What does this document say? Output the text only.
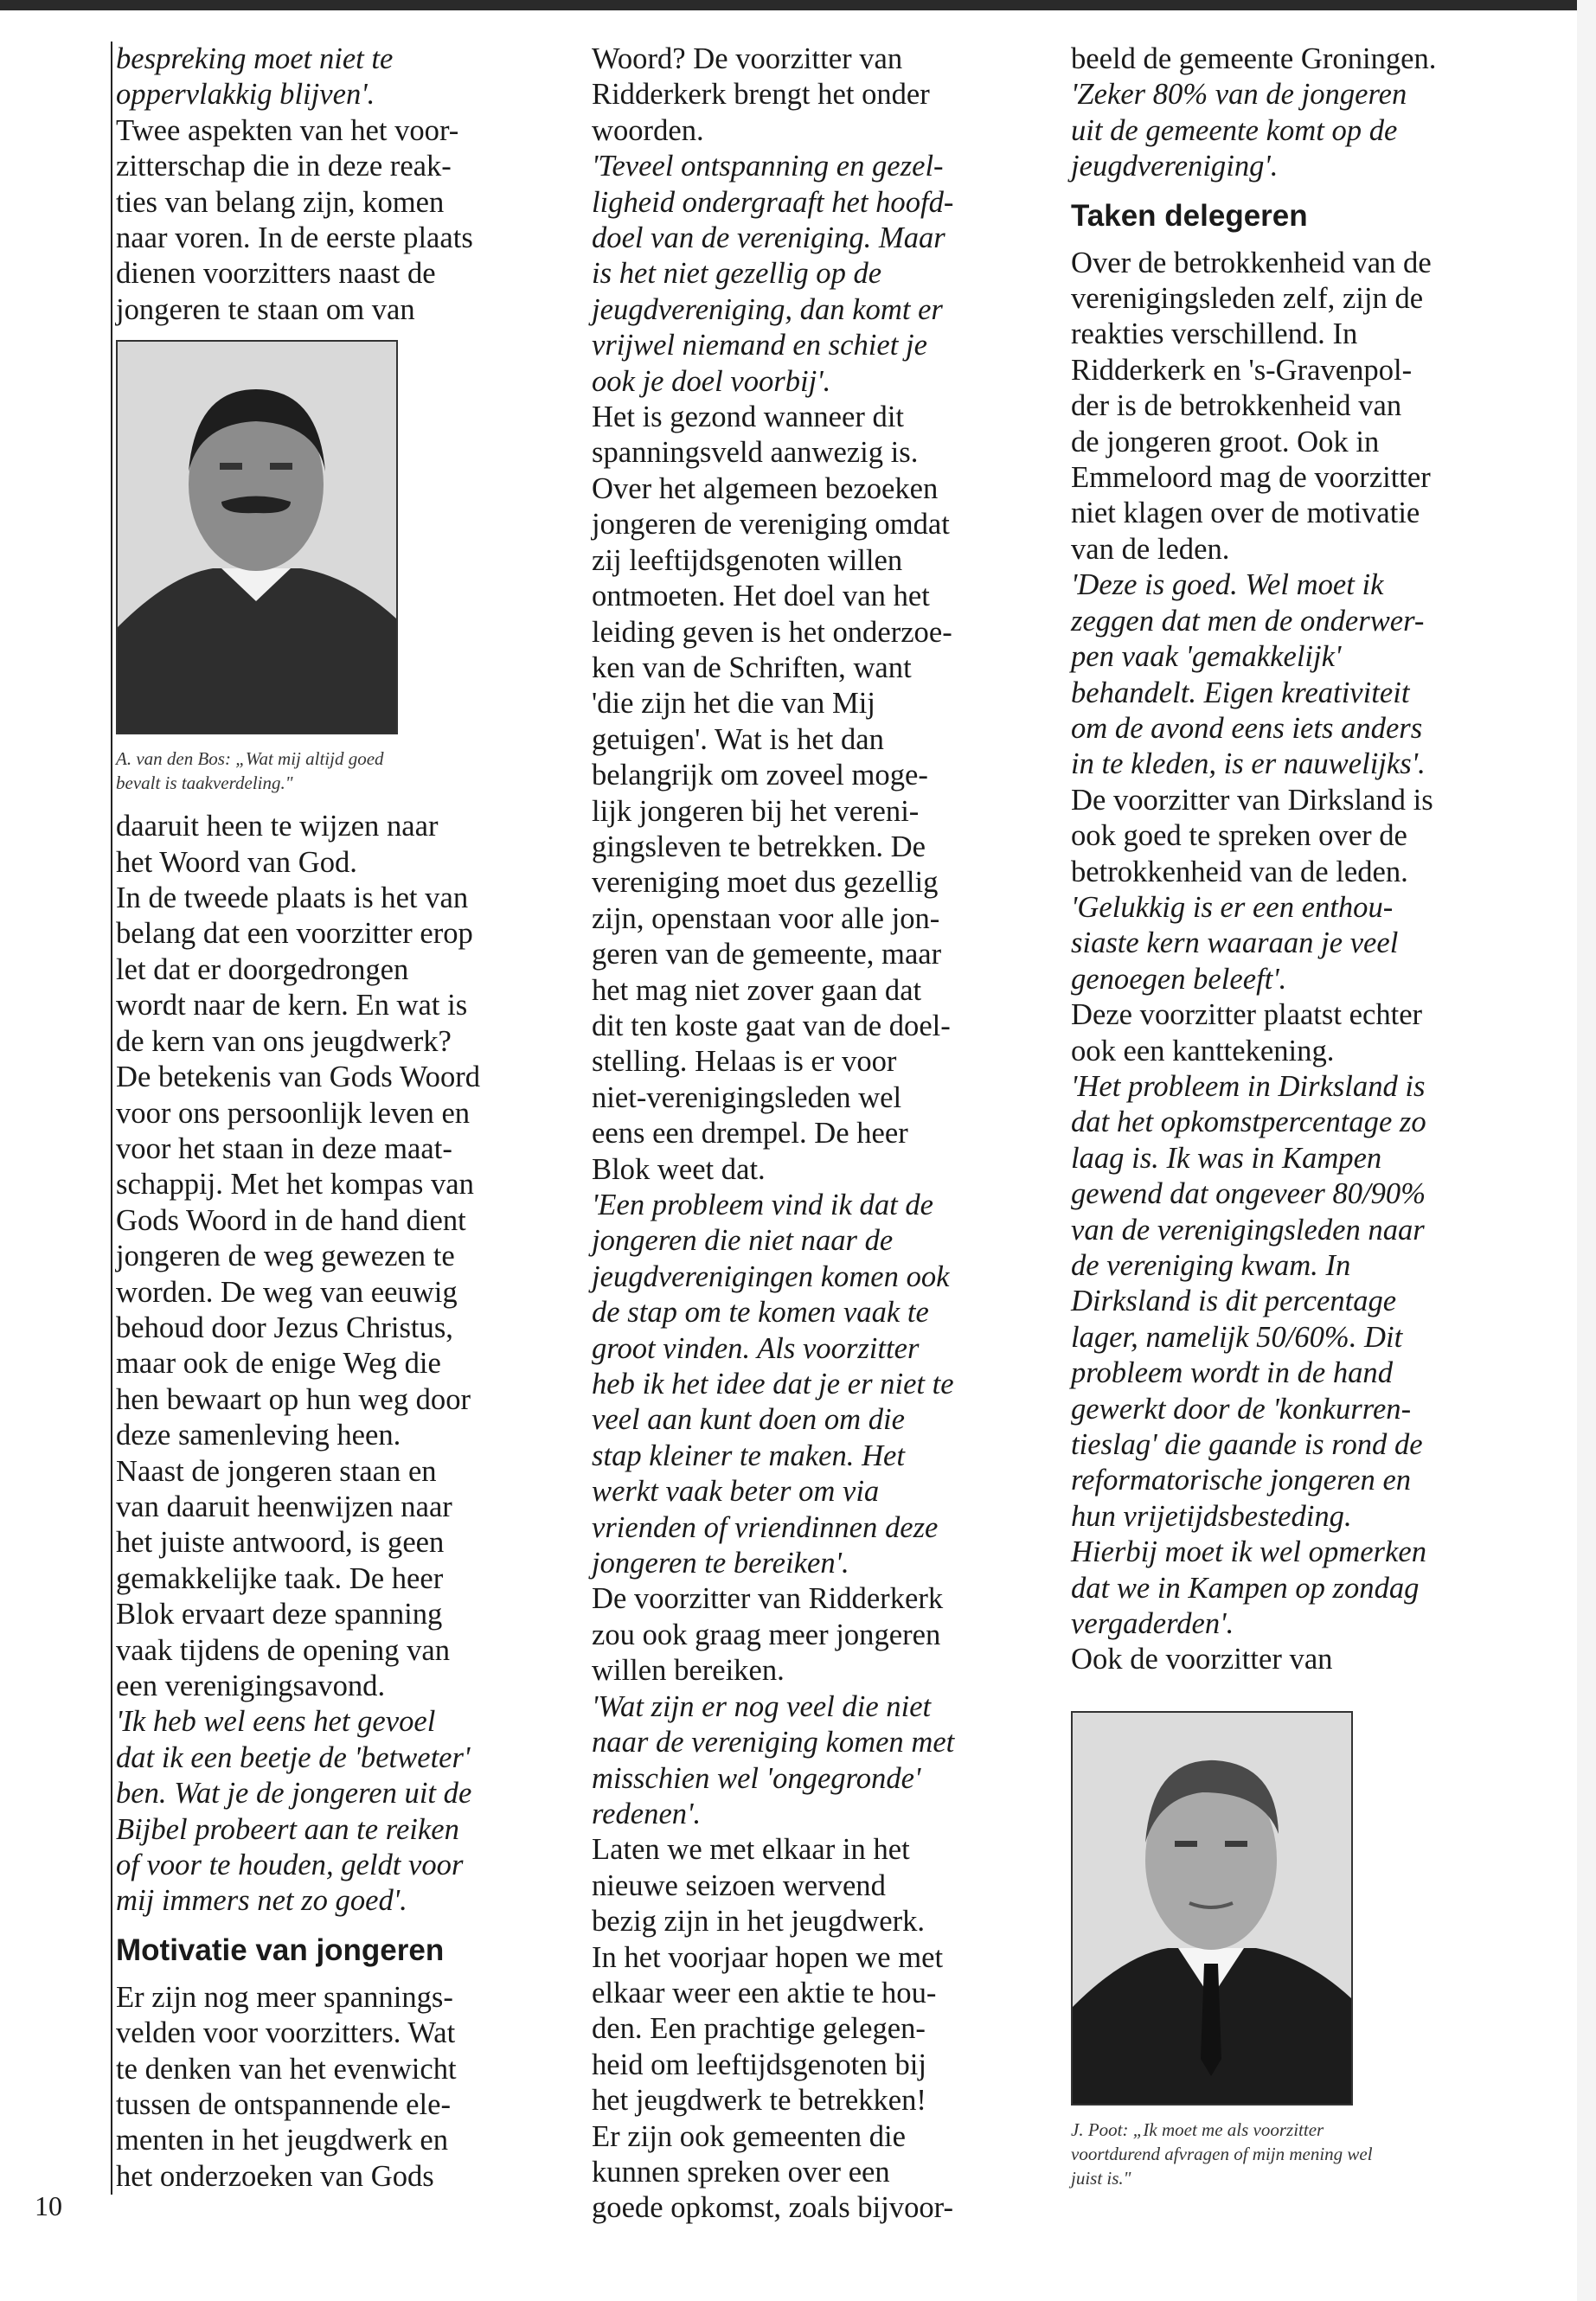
bespreking moet niet te
oppervlakkig blijven'.

Twee aspekten van het voor-
zitterschap die in deze reak-
ties van belang zijn, komen
naar voren. In de eerste plaats
dienen voorzitters naast de
jongeren te staan om van

A. van den Bos: „Wat mij altijd goed
bevalt is taakverdeling."

daaruit heen te wijzen naar
het Woord van God.
In de tweede plaats is het van
belang dat een voorzitter erop
let dat er doorgedrongen
wordt naar de kern. En wat is
de kern van ons jeugdwerk?
De betekenis van Gods Woord
voor ons persoonlijk leven en
voor het staan in deze maat-
schappij. Met het kompas van
Gods Woord in de hand dient
jongeren de weg gewezen te
worden. De weg van eeuwig
behoud door Jezus Christus,
maar ook de enige Weg die
hen bewaart op hun weg door
deze samenleving heen.
Naast de jongeren staan en
van daaruit heenwijzen naar
het juiste antwoord, is geen
gemakkelijke taak. De heer
Blok ervaart deze spanning
vaak tijdens de opening van
een verenigingsavond.

'Ik heb wel eens het gevoel
dat ik een beetje de 'betweter'
ben. Wat je de jongeren uit de
Bijbel probeert aan te reiken
of voor te houden, geldt voor
mij immers net zo goed'.

Motivatie van jongeren

Er zijn nog meer spannings-
velden voor voorzitters. Wat
te denken van het evenwicht
tussen de ontspannende ele-
menten in het jeugdwerk en
het onderzoeken van Gods

Woord? De voorzitter van
Ridderkerk brengt het onder
woorden.

'Teveel ontspanning en gezel-
ligheid ondergraaft het hoofd-
doel van de vereniging. Maar
is het niet gezellig op de
jeugdvereniging, dan komt er
vrijwel niemand en schiet je
ook je doel voorbij'.

Het is gezond wanneer dit
spanningsveld aanwezig is.
Over het algemeen bezoeken
jongeren de vereniging omdat
zij leeftijdsgenoten willen
ontmoeten. Het doel van het
leiding geven is het onderzoe-
ken van de Schriften, want
'die zijn het die van Mij
getuigen'. Wat is het dan
belangrijk om zoveel moge-
lijk jongeren bij het vereni-
gingsleven te betrekken. De
vereniging moet dus gezellig
zijn, openstaan voor alle jon-
geren van de gemeente, maar
het mag niet zover gaan dat
dit ten koste gaat van de doel-
stelling. Helaas is er voor
niet-verenigingsleden wel
eens een drempel. De heer
Blok weet dat.

'Een probleem vind ik dat de
jongeren die niet naar de
jeugdverenigingen komen ook
de stap om te komen vaak te
groot vinden. Als voorzitter
heb ik het idee dat je er niet te
veel aan kunt doen om die
stap kleiner te maken. Het
werkt vaak beter om via
vrienden of vriendinnen deze
jongeren te bereiken'.

De voorzitter van Ridderkerk
zou ook graag meer jongeren
willen bereiken.

'Wat zijn er nog veel die niet
naar de vereniging komen met
misschien wel 'ongegronde'
redenen'.

Laten we met elkaar in het
nieuwe seizoen wervend
bezig zijn in het jeugdwerk.
In het voorjaar hopen we met
elkaar weer een aktie te hou-
den. Een prachtige gelegen-
heid om leeftijdsgenoten bij
het jeugdwerk te betrekken!
Er zijn ook gemeenten die
kunnen spreken over een
goede opkomst, zoals bijvoor-

beeld de gemeente Groningen.

'Zeker 80% van de jongeren
uit de gemeente komt op de
jeugdvereniging'.

Taken delegeren

Over de betrokkenheid van de
verenigingsleden zelf, zijn de
reakties verschillend. In
Ridderkerk en 's-Gravenpol-
der is de betrokkenheid van
de jongeren groot. Ook in
Emmeloord mag de voorzitter
niet klagen over de motivatie
van de leden.

'Deze is goed. Wel moet ik
zeggen dat men de onderwer-
pen vaak 'gemakkelijk'
behandelt. Eigen kreativiteit
om de avond eens iets anders
in te kleden, is er nauwelijks'.

De voorzitter van Dirksland is
ook goed te spreken over de
betrokkenheid van de leden.

'Gelukkig is er een enthou-
siaste kern waaraan je veel
genoegen beleeft'.

Deze voorzitter plaatst echter
ook een kanttekening.

'Het probleem in Dirksland is
dat het opkomstpercentage zo
laag is. Ik was in Kampen
gewend dat ongeveer 80/90%
van de verenigingsleden naar
de vereniging kwam. In
Dirksland is dit percentage
lager, namelijk 50/60%. Dit
probleem wordt in de hand
gewerkt door de 'konkurren-
tieslag' die gaande is rond de
reformatorische jongeren en
hun vrijetijdsbesteding.
Hierbij moet ik wel opmerken
dat we in Kampen op zondag
vergaderden'.

Ook de voorzitter van

J. Poot: „Ik moet me als voorzitter
voortdurend afvragen of mijn mening wel
juist is."

10
